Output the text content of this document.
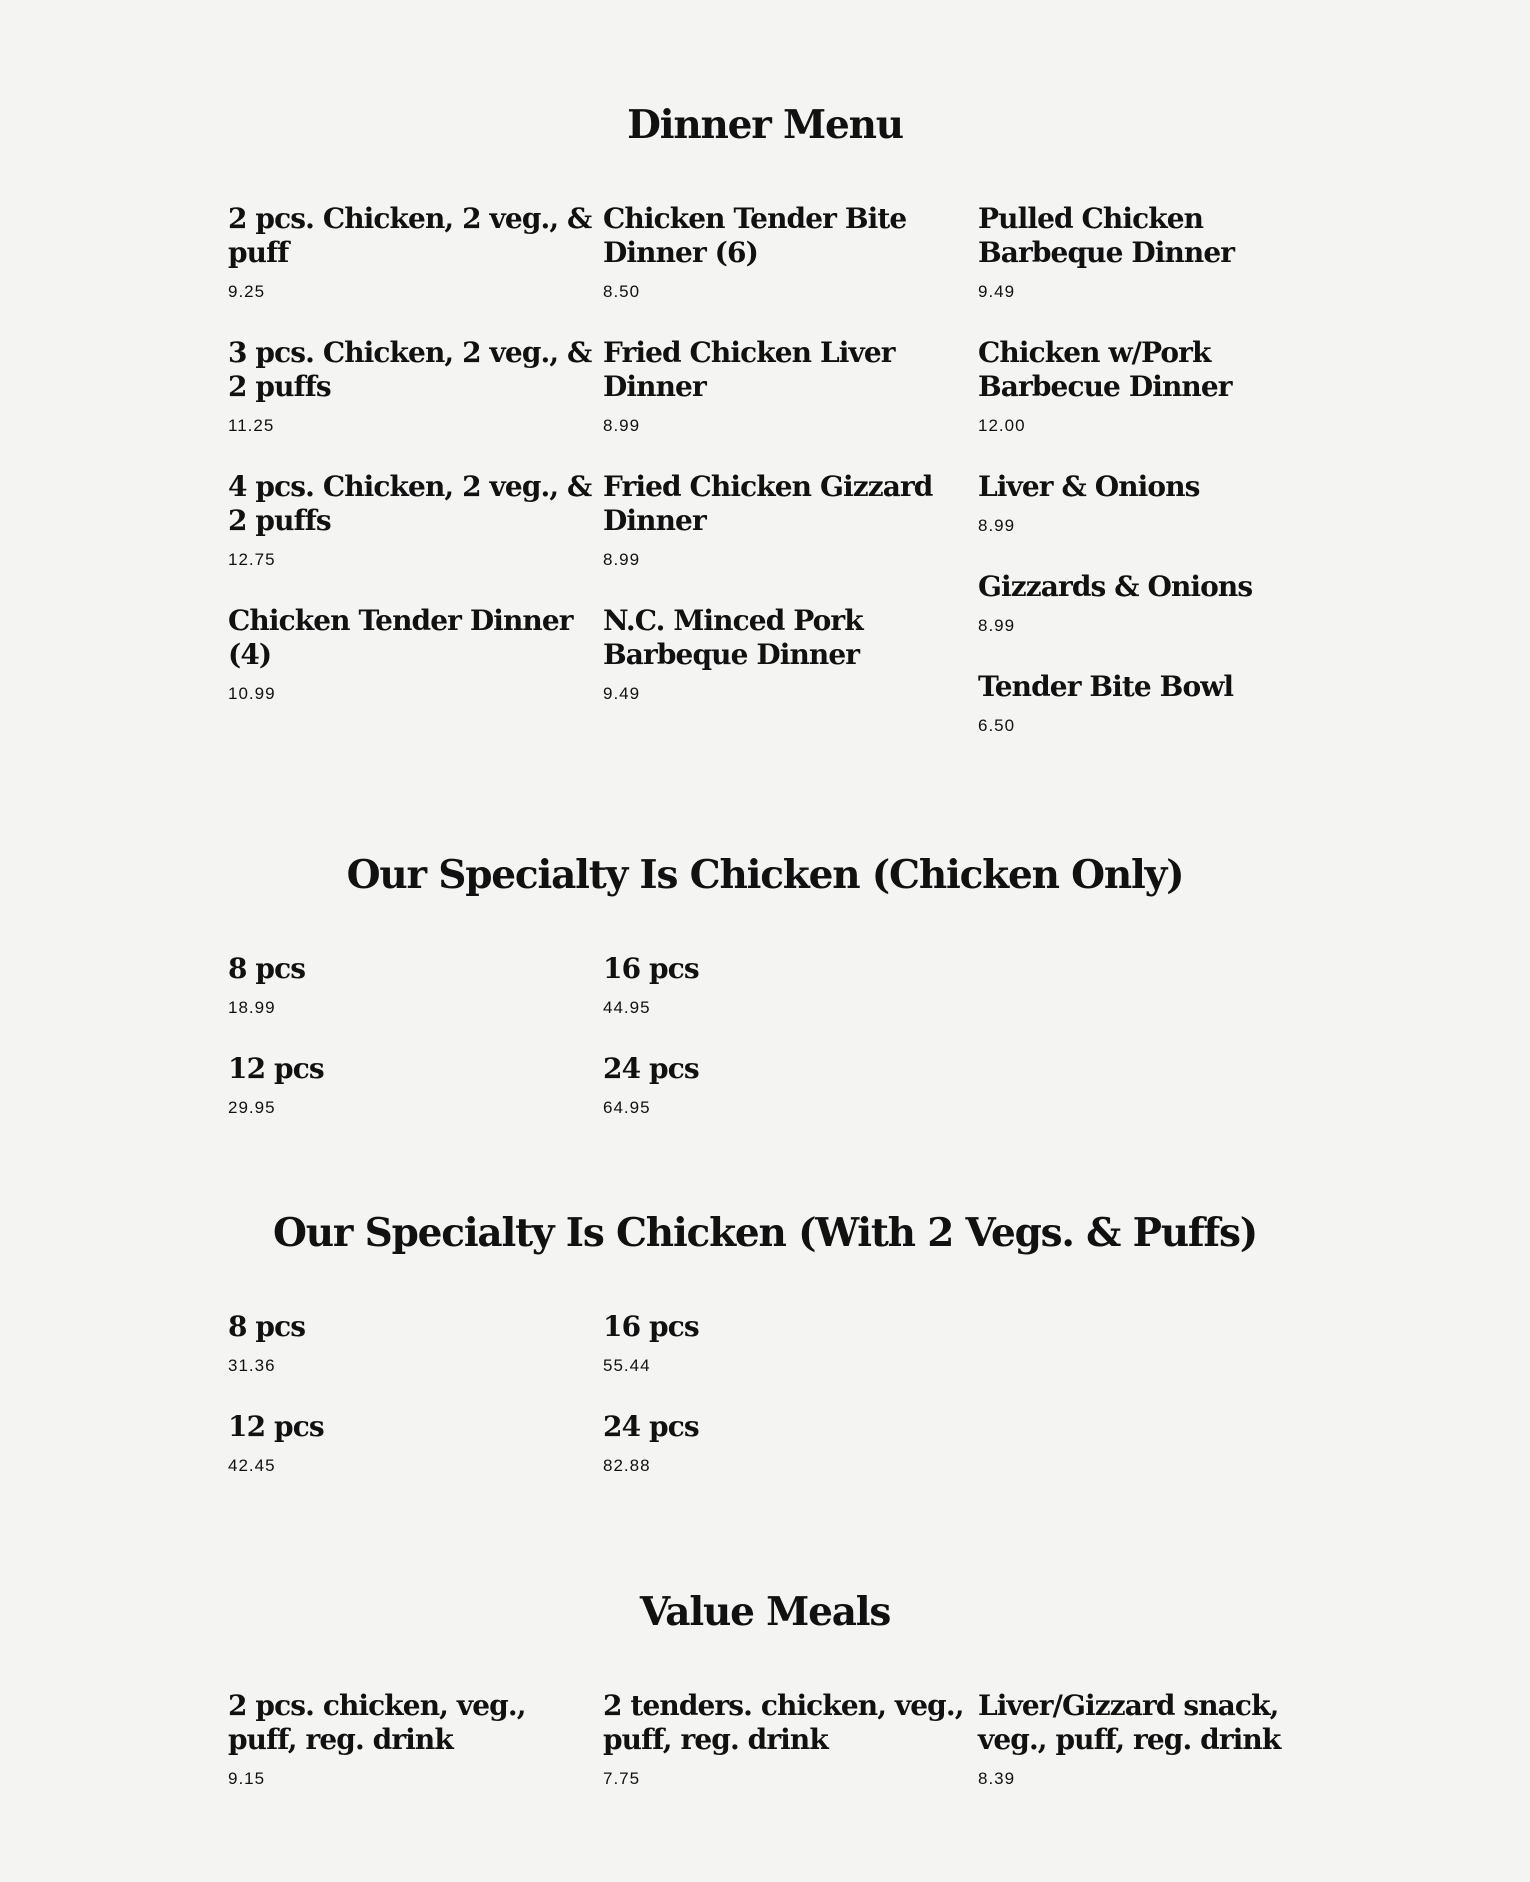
Dinner Menu
2 pcs. Chicken, 2 veg., &
puff
9.25
3 pcs. Chicken, 2 veg., &
2 puffs
11.25
4 pcs. Chicken, 2 veg., &
2 puffs
12.75
Chicken Tender Dinner
(4)
10.99
Chicken Tender Bite
Dinner (6)
8.50
Fried Chicken Liver
Dinner
8.99
Fried Chicken Gizzard
Dinner
8.99
N.C. Minced Pork
Barbeque Dinner
9.49
Pulled Chicken
Barbeque Dinner
9.49
Chicken w/Pork
Barbecue Dinner
12.00
Liver & Onions
8.99
Gizzards & Onions
8.99
Tender Bite Bowl
6.50
Our Specialty Is Chicken (Chicken Only)
8 pcs
18.99
12 pcs
29.95
16 pcs
44.95
24 pcs
64.95
Our Specialty Is Chicken (With 2 Vegs. & Puffs)
8 pcs
31.36
12 pcs
42.45
16 pcs
55.44
24 pcs
82.88
Value Meals
2 pcs. chicken, veg.,
puff, reg. drink
9.15
2 tenders. chicken, veg.,
puff, reg. drink
7.75
Liver/Gizzard snack,
veg., puff, reg. drink
8.39
